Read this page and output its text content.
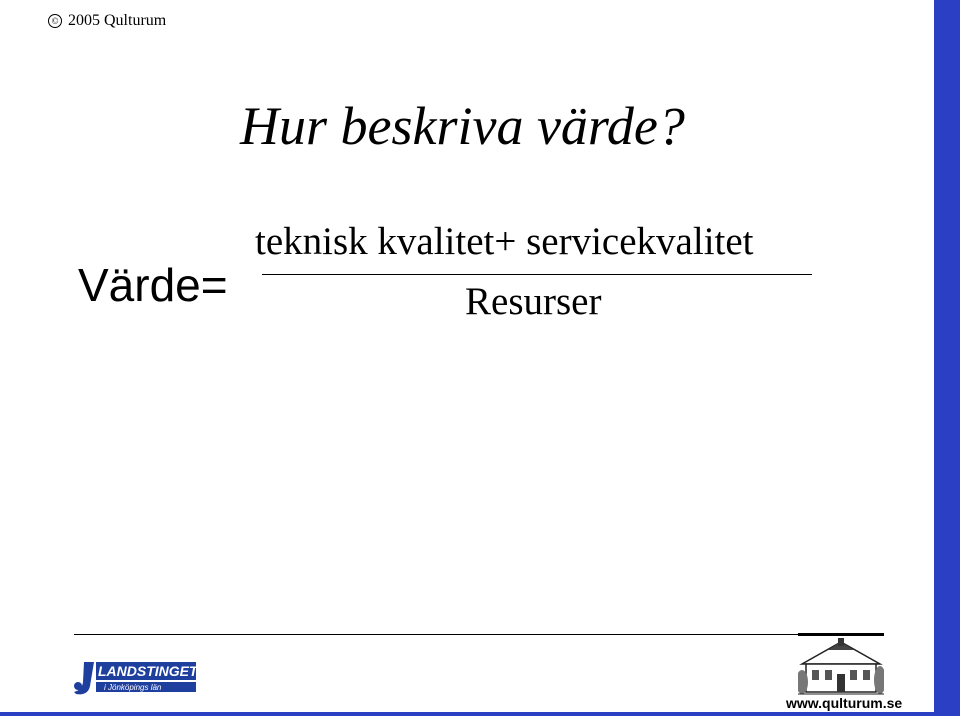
© 2005 Qulturum
Hur beskriva värde?
Värde=
teknisk kvalitet+ servicekvalitet
Resurser
LANDSTINGET
i Jönköpings län
www.qulturum.se
